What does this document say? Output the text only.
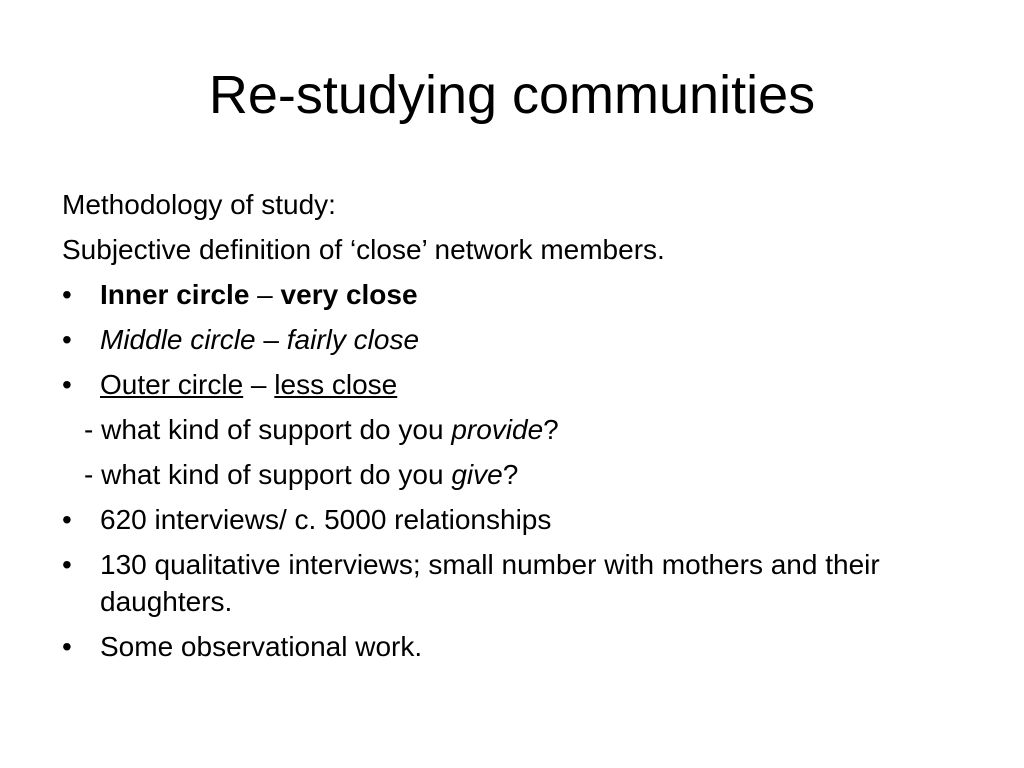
Re-studying communities
Methodology of study:
Subjective definition of ‘close’ network members.
•	Inner circle – very close
•	Middle circle – fairly close
•	Outer circle – less close
- what kind of support do you provide?
- what kind of support do you give?
•	620 interviews/ c. 5000 relationships
•	130 qualitative interviews; small number with mothers and their daughters.
•	Some observational work.
